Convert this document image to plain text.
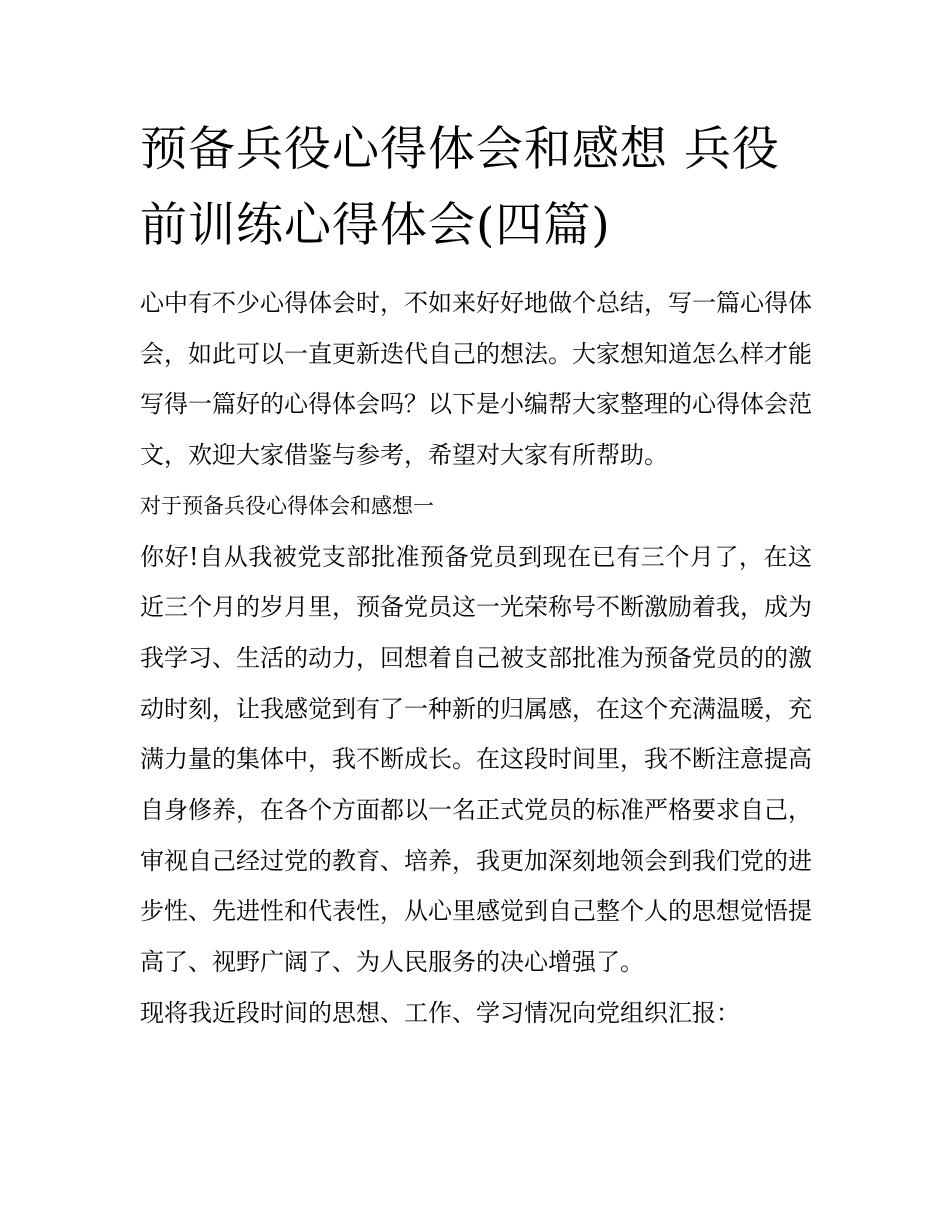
预备兵役心得体会和感想 兵役前训练心得体会(四篇)

心中有不少心得体会时，不如来好好地做个总结，写一篇心得体会，如此可以一直更新迭代自己的想法。大家想知道怎么样才能写得一篇好的心得体会吗？以下是小编帮大家整理的心得体会范文，欢迎大家借鉴与参考，希望对大家有所帮助。

对于预备兵役心得体会和感想一

你好!自从我被党支部批准预备党员到现在已有三个月了，在这近三个月的岁月里，预备党员这一光荣称号不断激励着我，成为我学习、生活的动力，回想着自己被支部批准为预备党员的的激动时刻，让我感觉到有了一种新的归属感，在这个充满温暖，充满力量的集体中，我不断成长。在这段时间里，我不断注意提高自身修养，在各个方面都以一名正式党员的标准严格要求自己，审视自己经过党的教育、培养，我更加深刻地领会到我们党的进步性、先进性和代表性，从心里感觉到自己整个人的思想觉悟提高了、视野广阔了、为人民服务的决心增强了。

现将我近段时间的思想、工作、学习情况向党组织汇报：
